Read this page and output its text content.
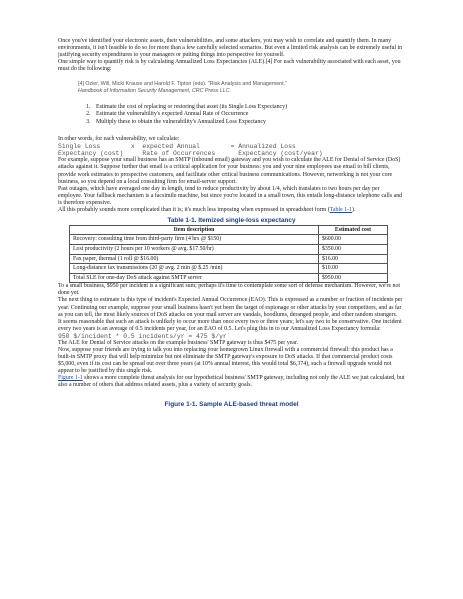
Once you've identified your electronic assets, their vulnerabilities, and some attackers, you may wish to correlate and quantify them. In many environments, it isn't feasible to do so for more than a few carefully selected scenarios. But even a limited risk analysis can be extremely useful in justifying security expenditures to your managers or putting things into perspective for yourself.

One simple way to quantify risk is by calculating Annualized Loss Expectancies (ALE).[4] For each vulnerability associated with each asset, you must do the following:

[4] Ozier, Will, Micki Krause and Harold F. Tipton (eds). "Risk Analysis and Management."
Handbook of Information Security Management, CRC Press LLC.
1. Estimate the cost of replacing or restoring that asset (its Single Loss Expectancy)
2. Estimate the vulnerability's expected Annual Rate of Occurrence
3. Multiply these to obtain the vulnerability's Annualized Loss Expectancy

In other words, for each vulnerability, we calculate:

Single Loss        x  expected Annual        = Annualized Loss
Expectancy (cost)     Rate of Occurrences      Expectancy (cost/year)

For example, suppose your small business has an SMTP (inbound email) gateway and you wish to calculate the ALE for Denial of Service (DoS) attacks against it. Suppose further that email is a critical application for your business: you and your nine employees use email to bill clients, provide work estimates to prospective customers, and facilitate other critical business communications. However, networking is not your core business, so you depend on a local consulting firm for email-server support.

Past outages, which have averaged one day in length, tend to reduce productivity by about 1/4, which translates to two hours per day per employee. Your fallback mechanism is a facsimile machine, but since you're located in a small town, this entails long-distance telephone calls and is therefore expensive.

All this probably sounds more complicated than it is; it's much less imposing when expressed in spreadsheet form (Table 1-1).

Table 1-1. Itemized single-loss expectancy
Item description	Estimated cost
Recovery: consulting time from third-party firm (4 hrs @ $150)	$600.00
Lost productivity (2 hours per 10 workers @ avg. $17.50/hr)	$350.00
Fax paper, thermal (1 roll @ $16.00)	$16.00
Long-distance fax transmissions (20 @ avg. 2 min @ $.25 /min)	$10.00
Total SLE for one-day DoS attack against SMTP server	$950.00

To a small business, $950 per incident is a significant sum; perhaps it's time to contemplate some sort of defense mechanism. However, we're not done yet.

The next thing to estimate is this type of incident's Expected Annual Occurrence (EAO). This is expressed as a number or fraction of incidents per year. Continuing our example, suppose your small business hasn't yet been the target of espionage or other attacks by your competitors, and as far as you can tell, the most likely sources of DoS attacks on your mail server are vandals, hoodlums, deranged people, and other random strangers.

It seems reasonable that such an attack is unlikely to occur more than once every two or three years; let's say two to be conservative. One incident every two years is an average of 0.5 incidents per year, for an EAO of 0.5. Let's plug this in to our Annualized Loss Expectancy formula:

950 $/incident * 0.5 incidents/yr = 475 $/yr

The ALE for Denial of Service attacks on the example business' SMTP gateway is thus $475 per year.

Now, suppose your friends are trying to talk you into replacing your homegrown Linux firewall with a commercial firewall: this product has a built-in SMTP proxy that will help minimize but not eliminate the SMTP gateway's exposure to DoS attacks. If that commercial product costs $5,000, even if its cost can be spread out over three years (at 10% annual interest, this would total $6,374), such a firewall upgrade would not appear to be justified by this single risk.

Figure 1-1 shows a more complete threat analysis for our hypothetical business' SMTP gateway, including not only the ALE we just calculated, but also a number of others that address related assets, plus a variety of security goals.

Figure 1-1. Sample ALE-based threat model
